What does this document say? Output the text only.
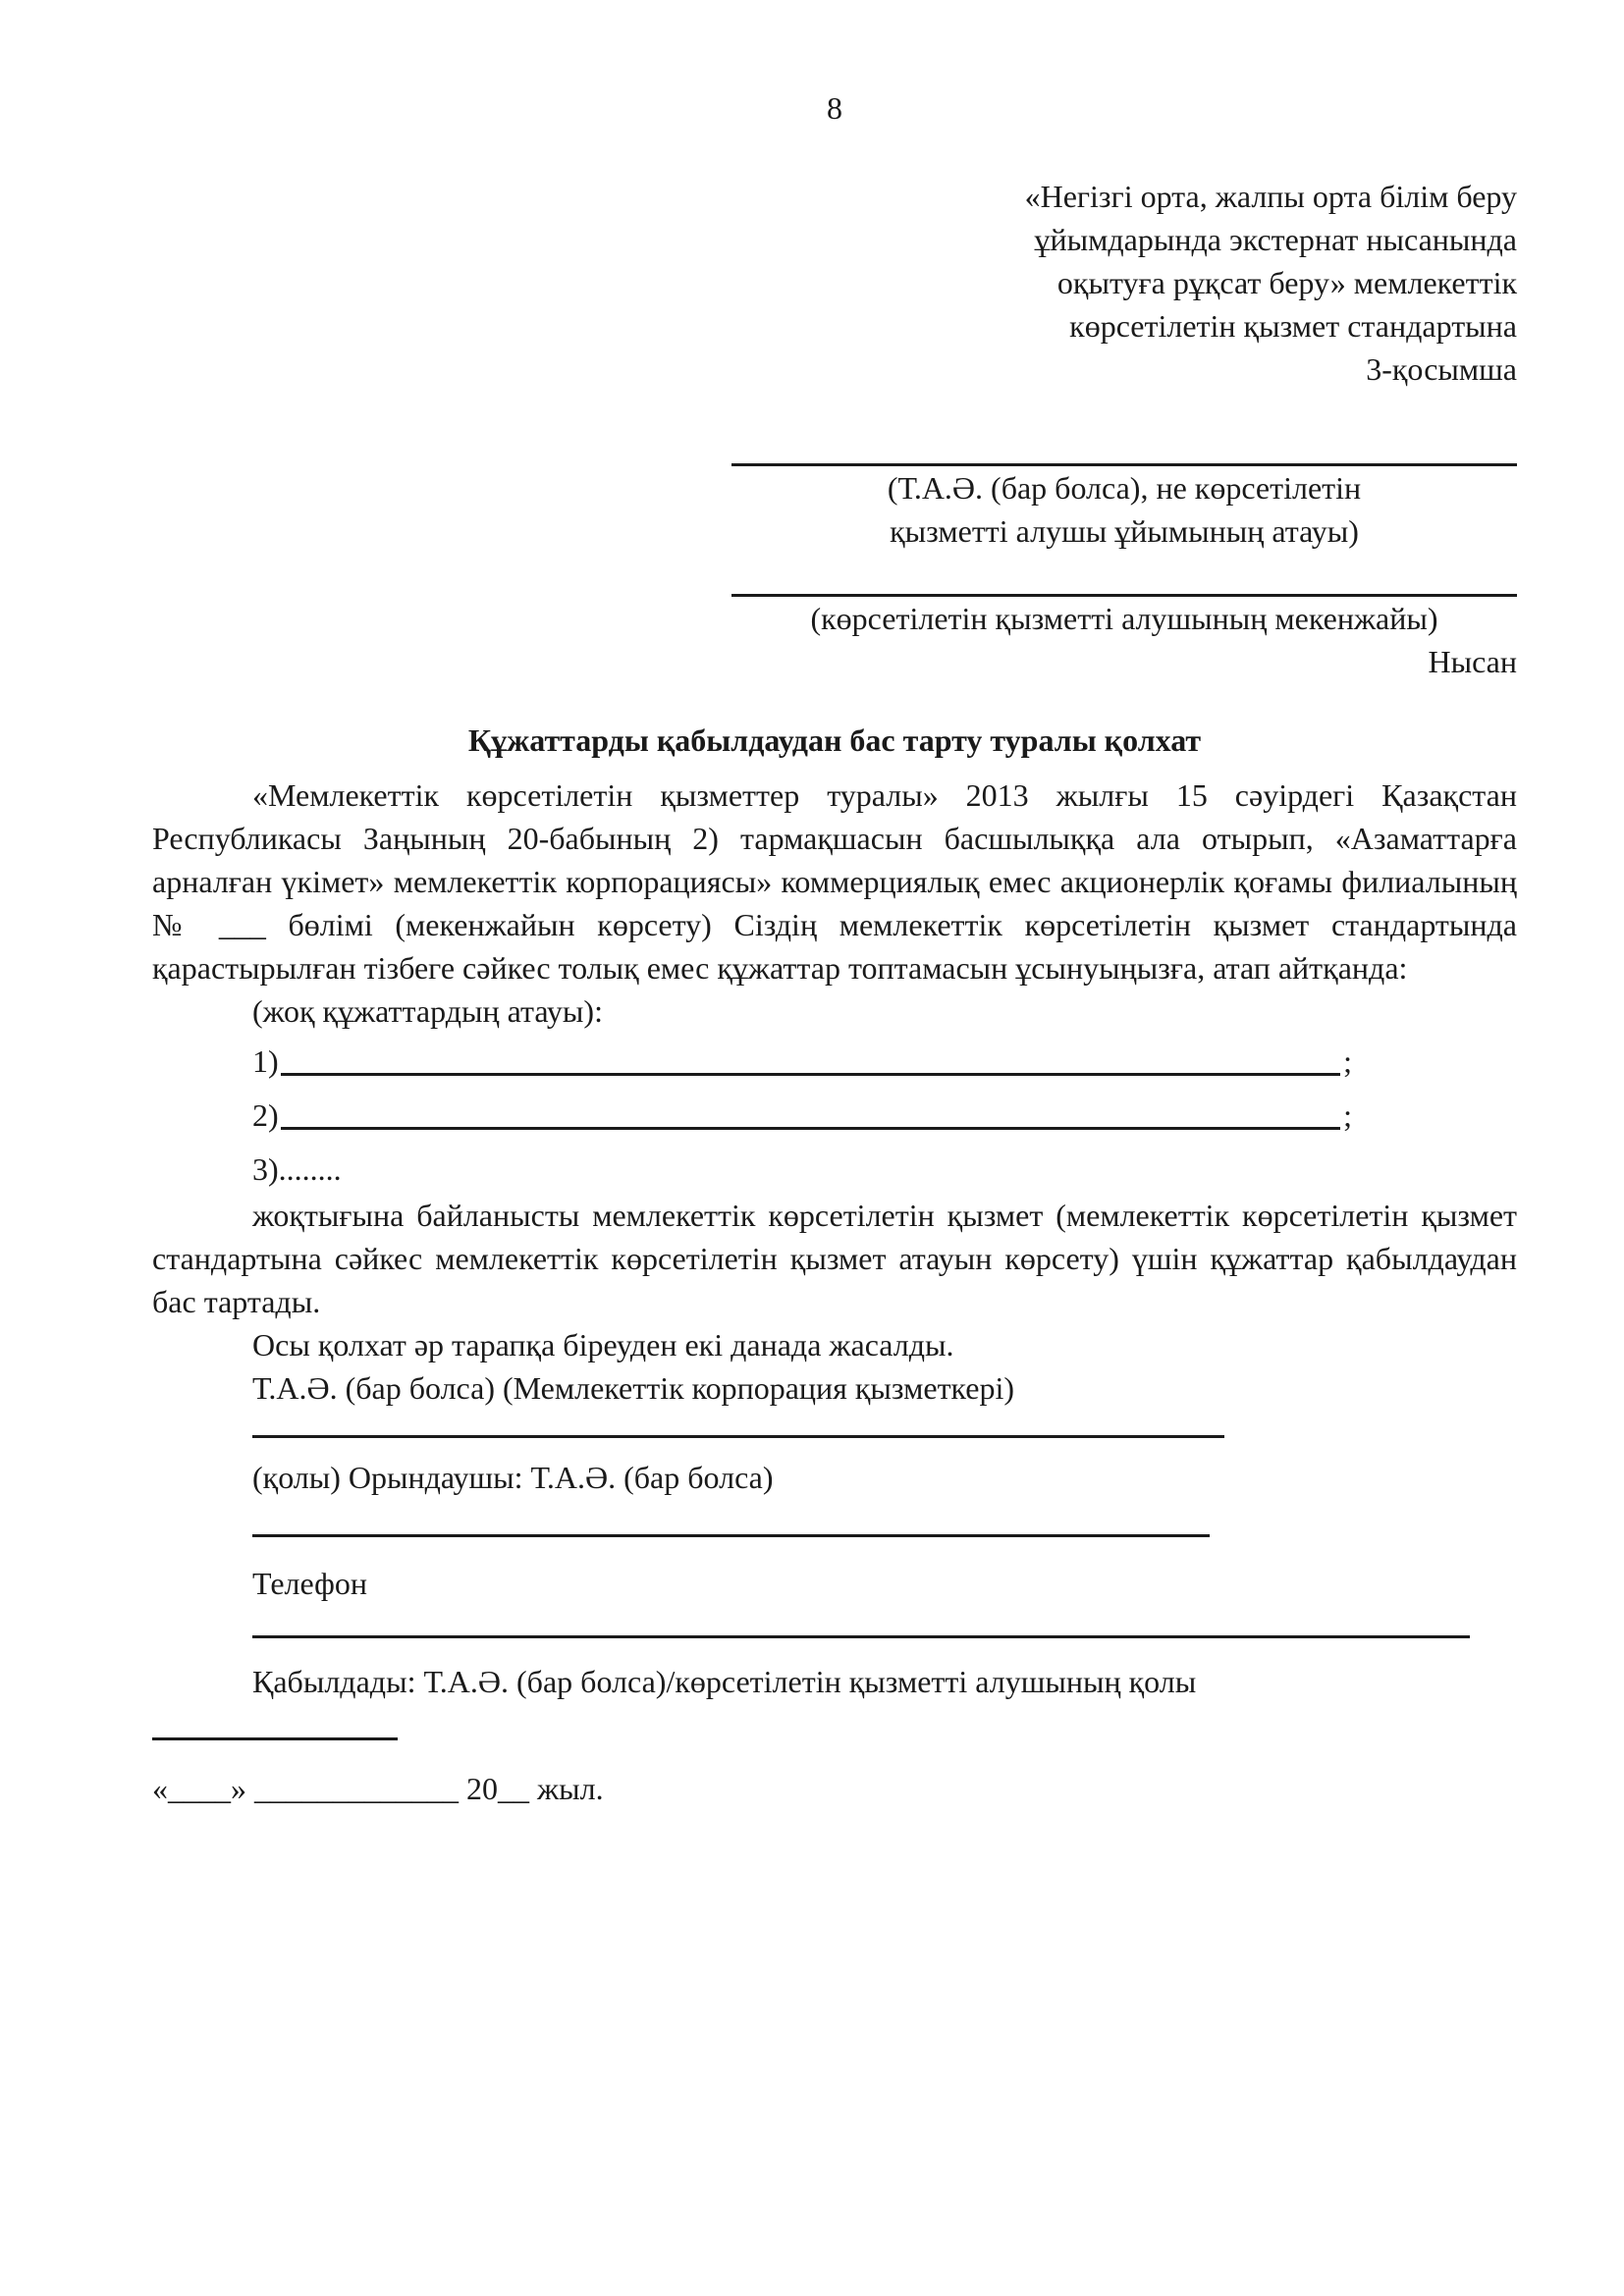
8
«Негізгі орта, жалпы орта білім беру
ұйымдарында экстернат нысанында
оқытуға рұқсат беру» мемлекеттік
көрсетілетін қызмет стандартына
3-қосымша
(Т.А.Ә. (бар болса), не көрсетілетін
қызметті алушы ұйымының атауы)
(көрсетілетін қызметті алушының мекенжайы)
Нысан
Құжаттарды қабылдаудан бас тарту туралы қолхат
«Мемлекеттік көрсетілетін қызметтер туралы» 2013 жылғы 15 сәуірдегі Қазақстан Республикасы Заңының 20-бабының 2) тармақшасын басшылыққа ала отырып, «Азаматтарға арналған үкімет» мемлекеттік корпорациясы» коммерциялық емес акционерлік қоғамы филиалының № ___ бөлімі (мекенжайын көрсету) Сіздің мемлекеттік көрсетілетін қызмет стандартында қарастырылған тізбеге сәйкес толық емес құжаттар топтамасын ұсынуыңызға, атап айтқанда:
(жоқ құжаттардың атауы):
1)	;
2)	;
3)........
жоқтығына байланысты мемлекеттік көрсетілетін қызмет (мемлекеттік көрсетілетін қызмет стандартына сәйкес мемлекеттік көрсетілетін қызмет атауын көрсету) үшін құжаттар қабылдаудан бас тартады.
Осы қолхат әр тарапқа біреуден екі данада жасалды.
Т.А.Ә. (бар болса) (Мемлекеттік корпорация қызметкері)
(қолы) Орындаушы: Т.А.Ә. (бар болса)
Телефон
Қабылдады: Т.А.Ә. (бар болса)/көрсетілетін қызметті алушының қолы
«____» _____________ 20__ жыл.
